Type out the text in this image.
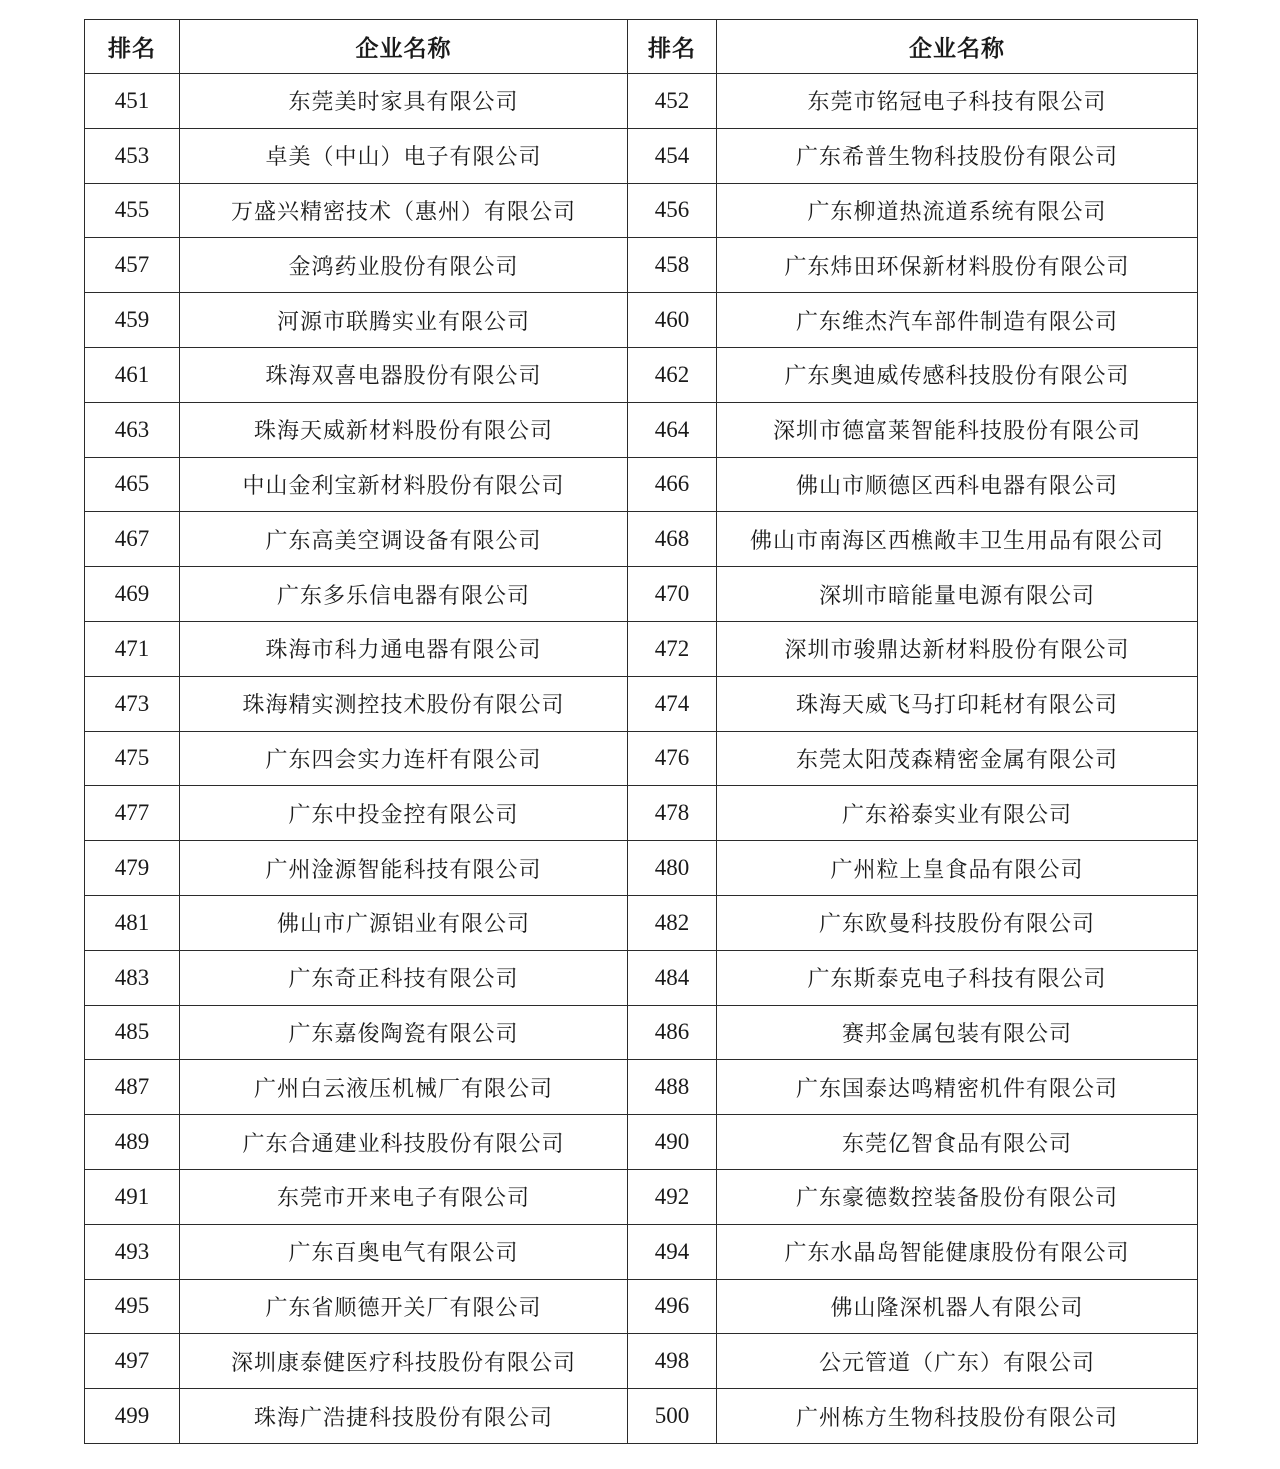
排名	企业名称	排名	企业名称
451	东莞美时家具有限公司	452	东莞市铭冠电子科技有限公司
453	卓美（中山）电子有限公司	454	广东希普生物科技股份有限公司
455	万盛兴精密技术（惠州）有限公司	456	广东柳道热流道系统有限公司
457	金鸿药业股份有限公司	458	广东炜田环保新材料股份有限公司
459	河源市联腾实业有限公司	460	广东维杰汽车部件制造有限公司
461	珠海双喜电器股份有限公司	462	广东奥迪威传感科技股份有限公司
463	珠海天威新材料股份有限公司	464	深圳市德富莱智能科技股份有限公司
465	中山金利宝新材料股份有限公司	466	佛山市顺德区西科电器有限公司
467	广东高美空调设备有限公司	468	佛山市南海区西樵敞丰卫生用品有限公司
469	广东多乐信电器有限公司	470	深圳市暗能量电源有限公司
471	珠海市科力通电器有限公司	472	深圳市骏鼎达新材料股份有限公司
473	珠海精实测控技术股份有限公司	474	珠海天威飞马打印耗材有限公司
475	广东四会实力连杆有限公司	476	东莞太阳茂森精密金属有限公司
477	广东中投金控有限公司	478	广东裕泰实业有限公司
479	广州淦源智能科技有限公司	480	广州粒上皇食品有限公司
481	佛山市广源铝业有限公司	482	广东欧曼科技股份有限公司
483	广东奇正科技有限公司	484	广东斯泰克电子科技有限公司
485	广东嘉俊陶瓷有限公司	486	赛邦金属包装有限公司
487	广州白云液压机械厂有限公司	488	广东国泰达鸣精密机件有限公司
489	广东合通建业科技股份有限公司	490	东莞亿智食品有限公司
491	东莞市开来电子有限公司	492	广东豪德数控装备股份有限公司
493	广东百奥电气有限公司	494	广东水晶岛智能健康股份有限公司
495	广东省顺德开关厂有限公司	496	佛山隆深机器人有限公司
497	深圳康泰健医疗科技股份有限公司	498	公元管道（广东）有限公司
499	珠海广浩捷科技股份有限公司	500	广州栋方生物科技股份有限公司
